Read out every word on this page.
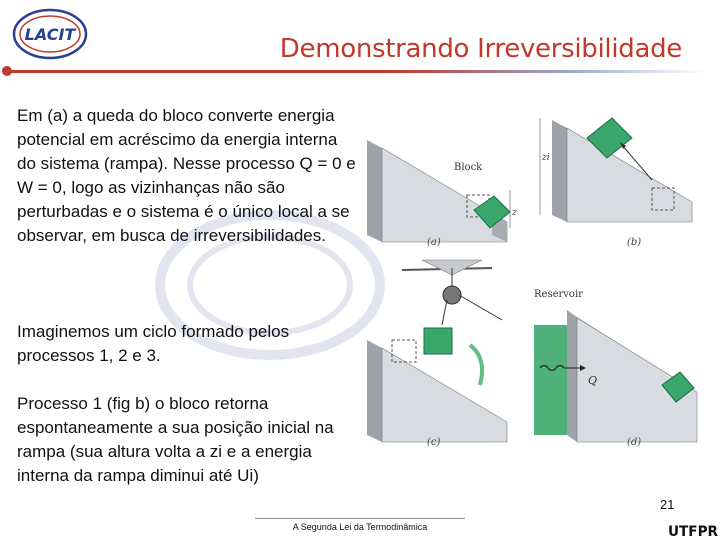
LACIT	Demonstrando Irreversibilidade
Em (a) a queda do bloco converte energia potencial em acréscimo da energia interna do sistema (rampa). Nesse processo Q = 0 e W = 0, logo as vizinhanças não são perturbadas e o sistema é o único local a se observar, em busca de irreversibilidades.
Imaginemos um ciclo formado pelos processos 1, 2 e 3.
Processo 1 (fig b) o bloco retorna espontaneamente a sua posição inicial na rampa (sua altura volta a zi e a energia interna da rampa diminui até Ui)
z
(a)
zi
Block
(b)
(c)
Q
Reservoir
(d)
21
A Segunda Lei da Termodinâmica	UTFPR
